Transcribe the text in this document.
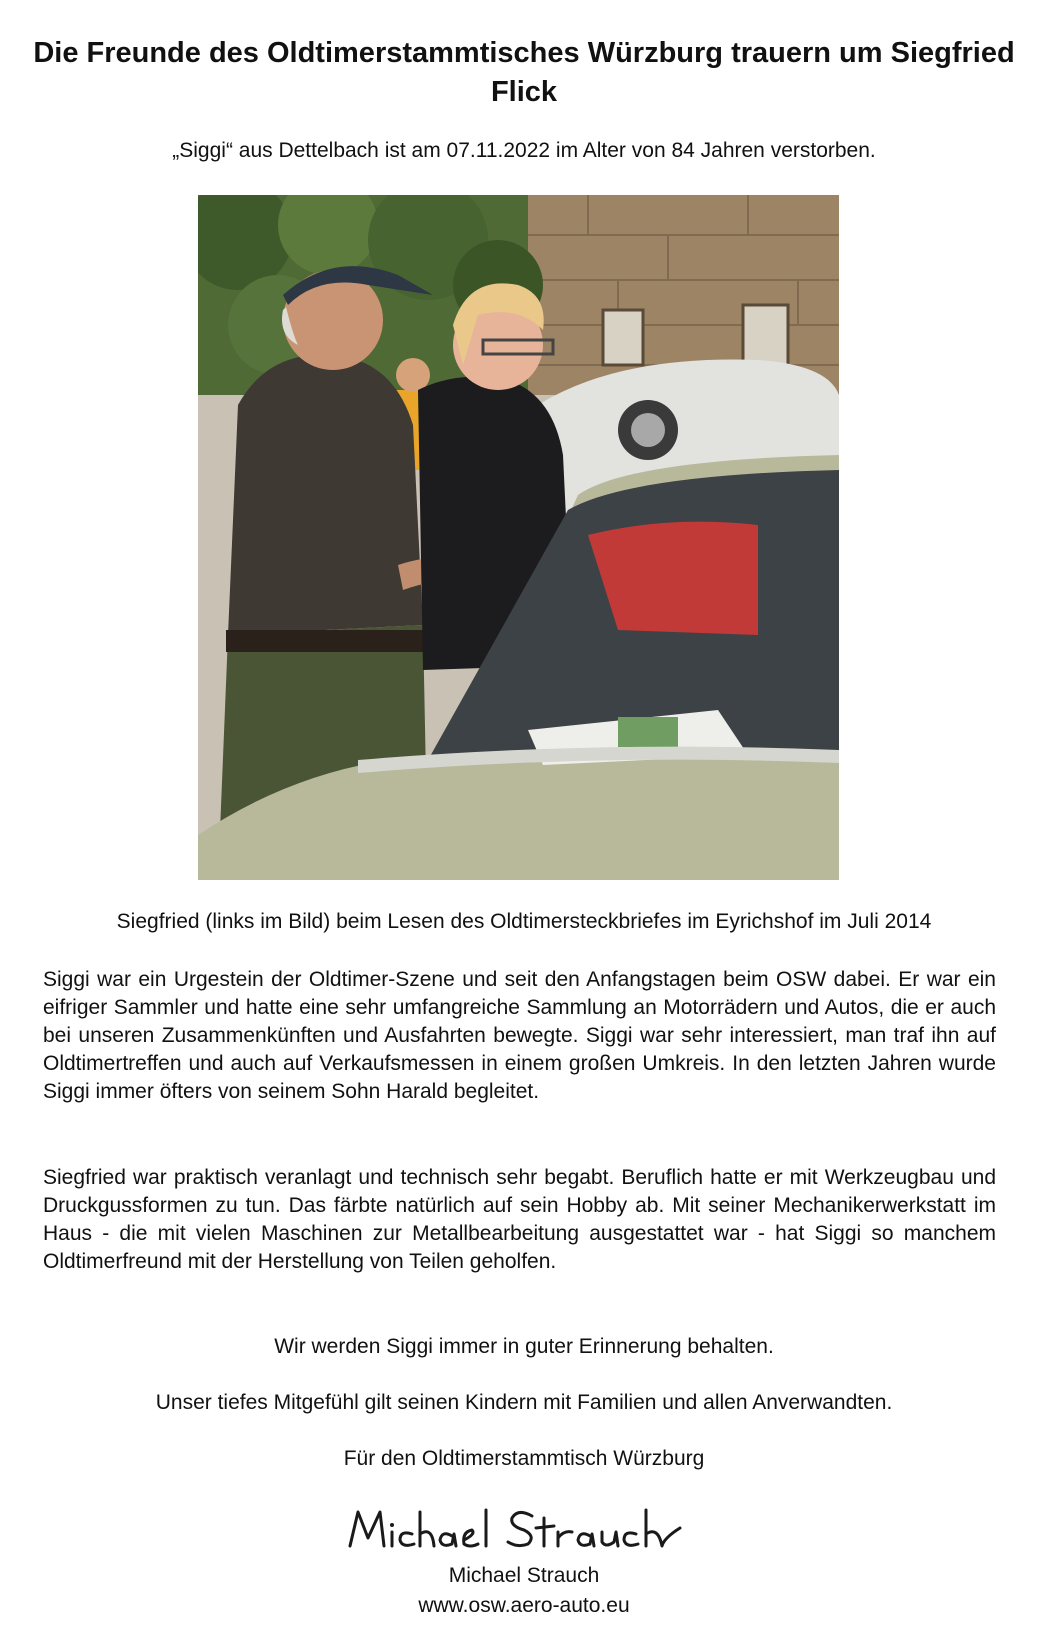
Die Freunde des Oldtimerstammtisches Würzburg trauern um Siegfried Flick

„Siggi“ aus Dettelbach ist am 07.11.2022 im Alter von 84 Jahren verstorben.

Siegfried (links im Bild) beim Lesen des Oldtimersteckbriefes im Eyrichshof im Juli 2014

Siggi war ein Urgestein der Oldtimer-Szene und seit den Anfangstagen beim OSW dabei. Er war ein eifriger Sammler und hatte eine sehr umfangreiche Sammlung an Motorrädern und Autos, die er auch bei unseren Zusammenkünften und Ausfahrten bewegte. Siggi war sehr interessiert, man traf ihn auf Oldtimertreffen und auch auf Verkaufsmessen in einem großen Umkreis. In den letzten Jahren wurde Siggi immer öfters von seinem Sohn Harald begleitet.

Siegfried war praktisch veranlagt und technisch sehr begabt. Beruflich hatte er mit Werkzeugbau und Druckgussformen zu tun. Das färbte natürlich auf sein Hobby ab. Mit seiner Mechanikerwerkstatt im Haus - die mit vielen Maschinen zur Metallbearbeitung ausgestattet war - hat Siggi so manchem Oldtimerfreund mit der Herstellung von Teilen geholfen.

Wir werden Siggi immer in guter Erinnerung behalten.

Unser tiefes Mitgefühl gilt seinen Kindern mit Familien und allen Anverwandten.

Für den Oldtimerstammtisch Würzburg

Michael Strauch

www.osw.aero-auto.eu
